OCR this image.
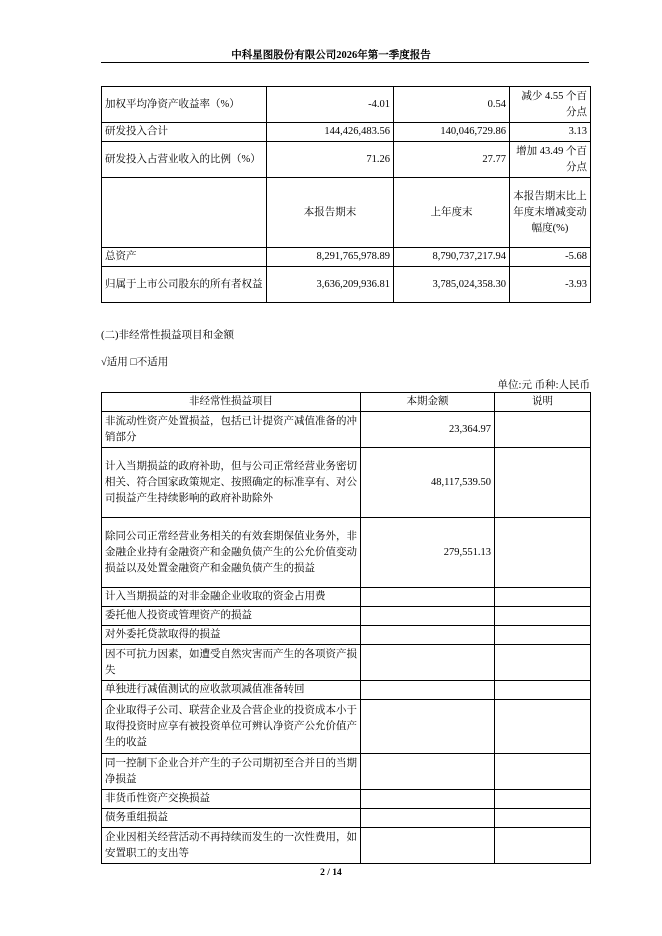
中科星图股份有限公司2026年第一季度报告
加权平均净资产收益率（%）	-4.01	0.54	减少 4.55 个百分点
研发投入合计	144,426,483.56	140,046,729.86	3.13
研发投入占营业收入的比例（%）	71.26	27.77	增加 43.49 个百分点
	本报告期末	上年度末	本报告期末比上年度末增减变动幅度(%)
总资产	8,291,765,978.89	8,790,737,217.94	-5.68
归属于上市公司股东的所有者权益	3,636,209,936.81	3,785,024,358.30	-3.93
(二)非经常性损益项目和金额
√适用 □不适用
单位:元 币种:人民币
非经常性损益项目	本期金额	说明
非流动性资产处置损益，包括已计提资产减值准备的冲销部分	23,364.97	
计入当期损益的政府补助，但与公司正常经营业务密切相关、符合国家政策规定、按照确定的标准享有、对公司损益产生持续影响的政府补助除外	48,117,539.50	
除同公司正常经营业务相关的有效套期保值业务外，非金融企业持有金融资产和金融负债产生的公允价值变动损益以及处置金融资产和金融负债产生的损益	279,551.13	
计入当期损益的对非金融企业收取的资金占用费		
委托他人投资或管理资产的损益		
对外委托贷款取得的损益		
因不可抗力因素，如遭受自然灾害而产生的各项资产损失		
单独进行减值测试的应收款项减值准备转回		
企业取得子公司、联营企业及合营企业的投资成本小于取得投资时应享有被投资单位可辨认净资产公允价值产生的收益		
同一控制下企业合并产生的子公司期初至合并日的当期净损益		
非货币性资产交换损益		
债务重组损益		
企业因相关经营活动不再持续而发生的一次性费用，如安置职工的支出等		
2 / 14
